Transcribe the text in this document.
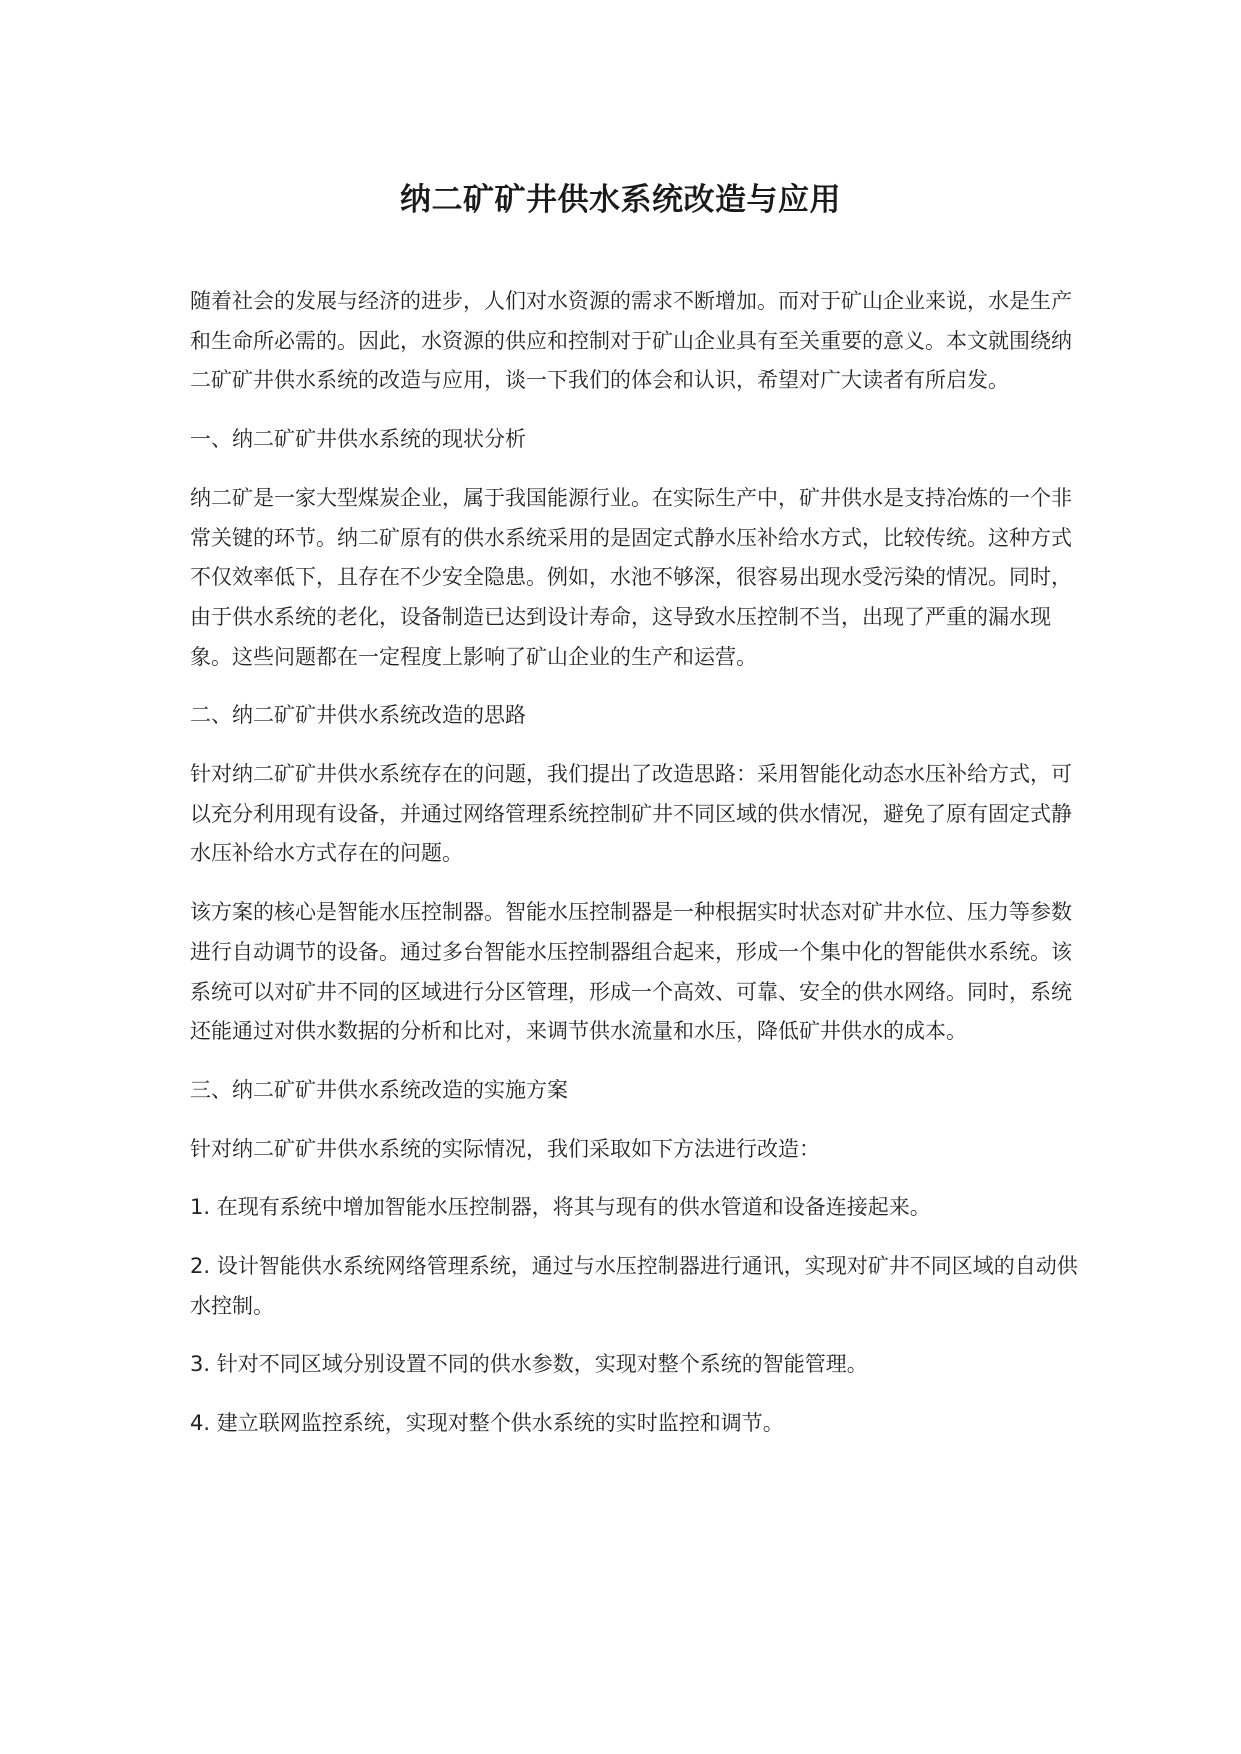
纳二矿矿井供水系统改造与应用

随着社会的发展与经济的进步，人们对水资源的需求不断增加。而对于矿山企业来说，水是生产和生命所必需的。因此，水资源的供应和控制对于矿山企业具有至关重要的意义。本文就围绕纳二矿矿井供水系统的改造与应用，谈一下我们的体会和认识，希望对广大读者有所启发。

一、纳二矿矿井供水系统的现状分析

纳二矿是一家大型煤炭企业，属于我国能源行业。在实际生产中，矿井供水是支持冶炼的一个非常关键的环节。纳二矿原有的供水系统采用的是固定式静水压补给水方式，比较传统。这种方式不仅效率低下，且存在不少安全隐患。例如，水池不够深，很容易出现水受污染的情况。同时，由于供水系统的老化，设备制造已达到设计寿命，这导致水压控制不当，出现了严重的漏水现象。这些问题都在一定程度上影响了矿山企业的生产和运营。

二、纳二矿矿井供水系统改造的思路

针对纳二矿矿井供水系统存在的问题，我们提出了改造思路：采用智能化动态水压补给方式，可以充分利用现有设备，并通过网络管理系统控制矿井不同区域的供水情况，避免了原有固定式静水压补给水方式存在的问题。

该方案的核心是智能水压控制器。智能水压控制器是一种根据实时状态对矿井水位、压力等参数进行自动调节的设备。通过多台智能水压控制器组合起来，形成一个集中化的智能供水系统。该系统可以对矿井不同的区域进行分区管理，形成一个高效、可靠、安全的供水网络。同时，系统还能通过对供水数据的分析和比对，来调节供水流量和水压，降低矿井供水的成本。

三、纳二矿矿井供水系统改造的实施方案

针对纳二矿矿井供水系统的实际情况，我们采取如下方法进行改造：

1. 在现有系统中增加智能水压控制器，将其与现有的供水管道和设备连接起来。

2. 设计智能供水系统网络管理系统，通过与水压控制器进行通讯，实现对矿井不同区域的自动供水控制。

3. 针对不同区域分别设置不同的供水参数，实现对整个系统的智能管理。

4. 建立联网监控系统，实现对整个供水系统的实时监控和调节。
